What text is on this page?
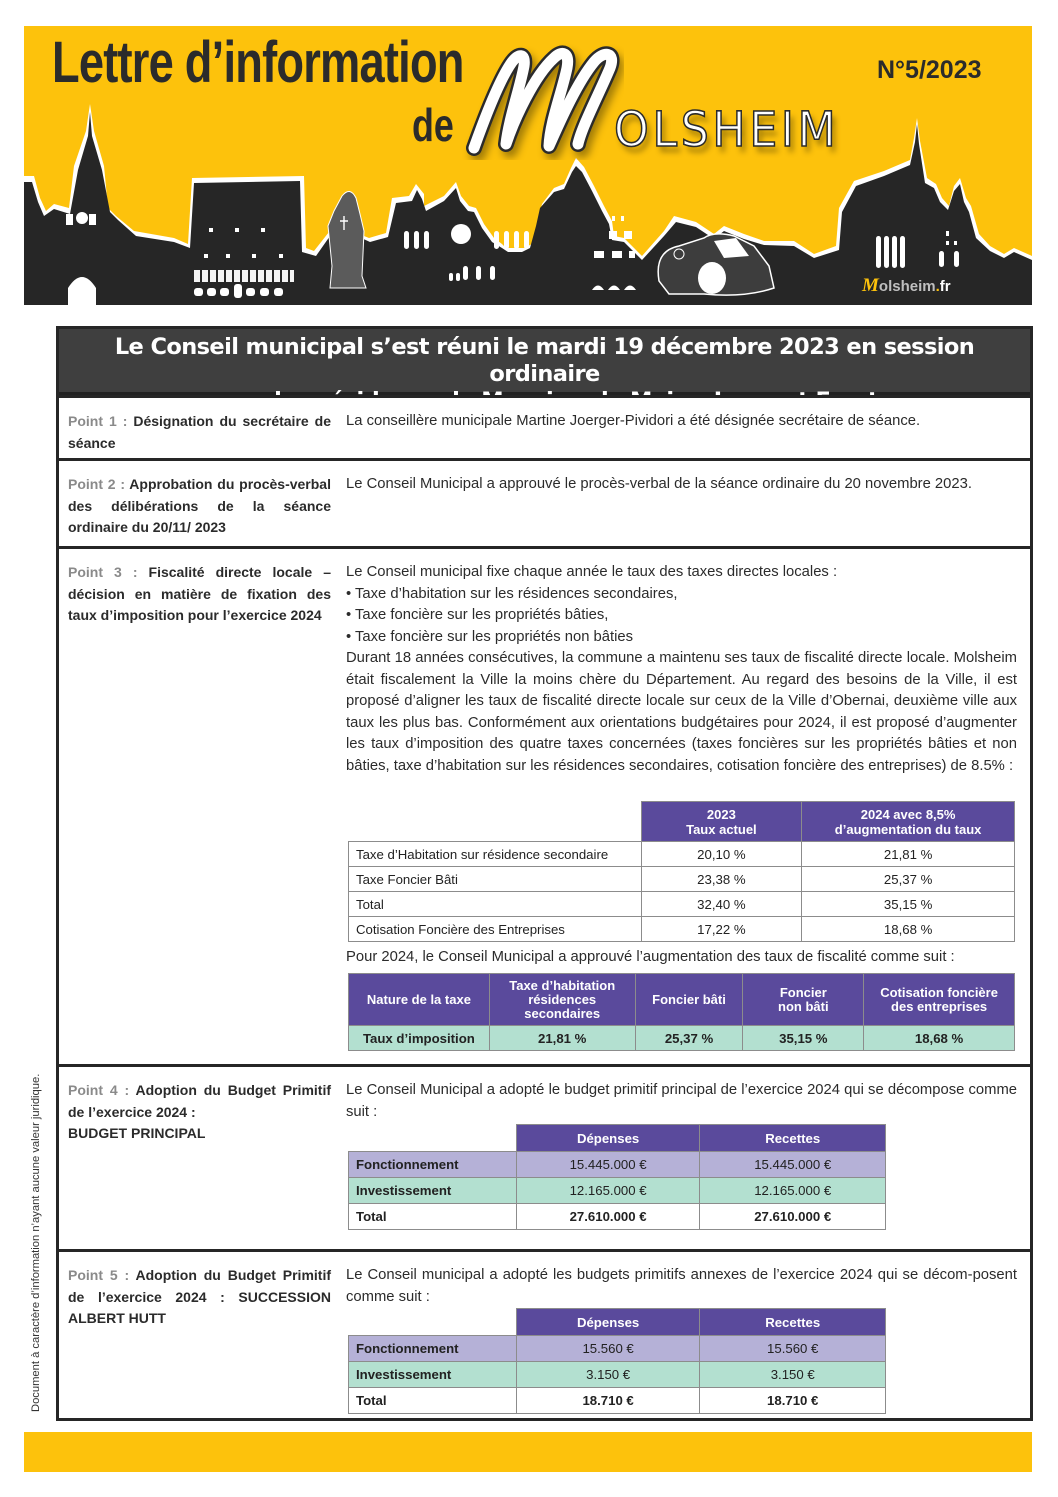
Lettre d’information
de	OLSHEIM
N°5/2023
Molsheim.fr
Document à caractère d’information n’ayant aucune valeur juridique.
Le Conseil municipal s’est réuni le mardi 19 décembre 2023 en session ordinaire
sous la présidence de Monsieur le Maire, Laurent Furst
Point 1 : Désignation du secrétaire de séance
La conseillère municipale Martine Joerger-Pividori a été désignée secrétaire de séance.
Point 2 : Approbation du procès-verbal des délibérations de la séance ordinaire du 20/11/ 2023
Le Conseil Municipal a approuvé le procès-verbal de la séance ordinaire du 20 novembre 2023.
Point 3 : Fiscalité directe locale – décision en matière de fixation des taux d’imposition pour l’exercice 2024

Le Conseil municipal fixe chaque année le taux des taxes directes locales :

• Taxe d’habitation sur les résidences secondaires,

• Taxe foncière sur les propriétés bâties,

• Taxe foncière sur les propriétés non bâties

Durant 18 années consécutives, la commune a maintenu ses taux de fiscalité directe locale. Molsheim était fiscalement la Ville la moins chère du Département. Au regard des besoins de la Ville, il est proposé d’aligner les taux de fiscalité directe locale sur ceux de la Ville d’Obernai, deuxième ville aux taux les plus bas. Conformément aux orientations budgétaires pour 2024, il est proposé d’augmenter les taux d’imposition des quatre taxes concernées (taxes foncières sur les propriétés bâties et non bâties, taxe d’habitation sur les résidences secondaires, cotisation foncière des entreprises) de 8.5% :

	2023
Taux actuel	2024 avec 8,5%
d’augmentation du taux
Taxe d’Habitation sur résidence secondaire	20,10 %	21,81 %
Taxe Foncier Bâti	23,38 %	25,37 %
Total	32,40 %	35,15 %
Cotisation Foncière des Entreprises	17,22 %	18,68 %
Pour 2024, le Conseil Municipal a approuvé l’augmentation des taux de fiscalité comme suit :
Nature de la taxe	Taxe d’habitation
résidences
secondaires	Foncier bâti	Foncier
non bâti	Cotisation foncière
des entreprises
Taux d’imposition	21,81 %	25,37 %	35,15 %	18,68 %
Point 4 : Adoption du Budget Primitif de l’exercice 2024 :
BUDGET PRINCIPAL
Le Conseil Municipal a adopté le budget primitif principal de l’exercice 2024 qui se décompose comme suit :
	Dépenses	Recettes
Fonctionnement	15.445.000 €	15.445.000 €
Investissement	12.165.000 €	12.165.000 €
Total	27.610.000 €	27.610.000 €
Point 5 : Adoption du Budget Primitif de l’exercice 2024 : SUCCESSION ALBERT HUTT
Le Conseil municipal a adopté les budgets primitifs annexes de l’exercice 2024 qui se décom-posent comme suit :
	Dépenses	Recettes
Fonctionnement	15.560 €	15.560 €
Investissement	3.150 €	3.150 €
Total	18.710 €	18.710 €
